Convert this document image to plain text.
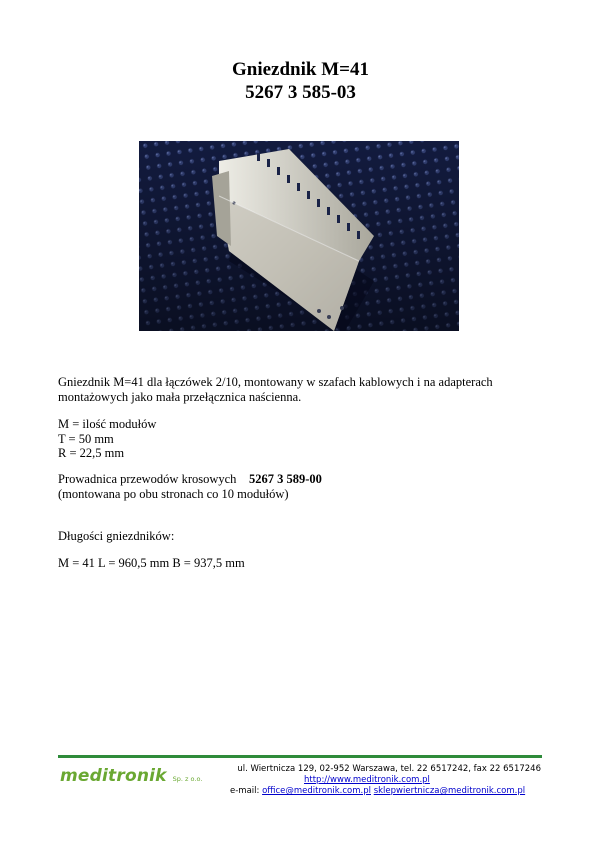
Gniezdnik M=41
5267 3 585-03
Gniezdnik M=41 dla łączówek 2/10, montowany w szafach kablowych i na adapterach
montażowych jako mała przełącznica naścienna.
M = ilość modułów
T = 50 mm
R = 22,5 mm
Prowadnica przewodów krosowych 5267 3 589-00
(montowana po obu stronach co 10 modułów)
Długości gniezdników:
M = 41 L = 960,5 mm B = 937,5 mm
meditronik Sp. z o.o.
ul. Wiertnicza 129, 02-952 Warszawa, tel. 22 6517242, fax 22 6517246
http://www.meditronik.com.pl
e-mail: office@meditronik.com.pl sklepwiertnicza@meditronik.com.pl
